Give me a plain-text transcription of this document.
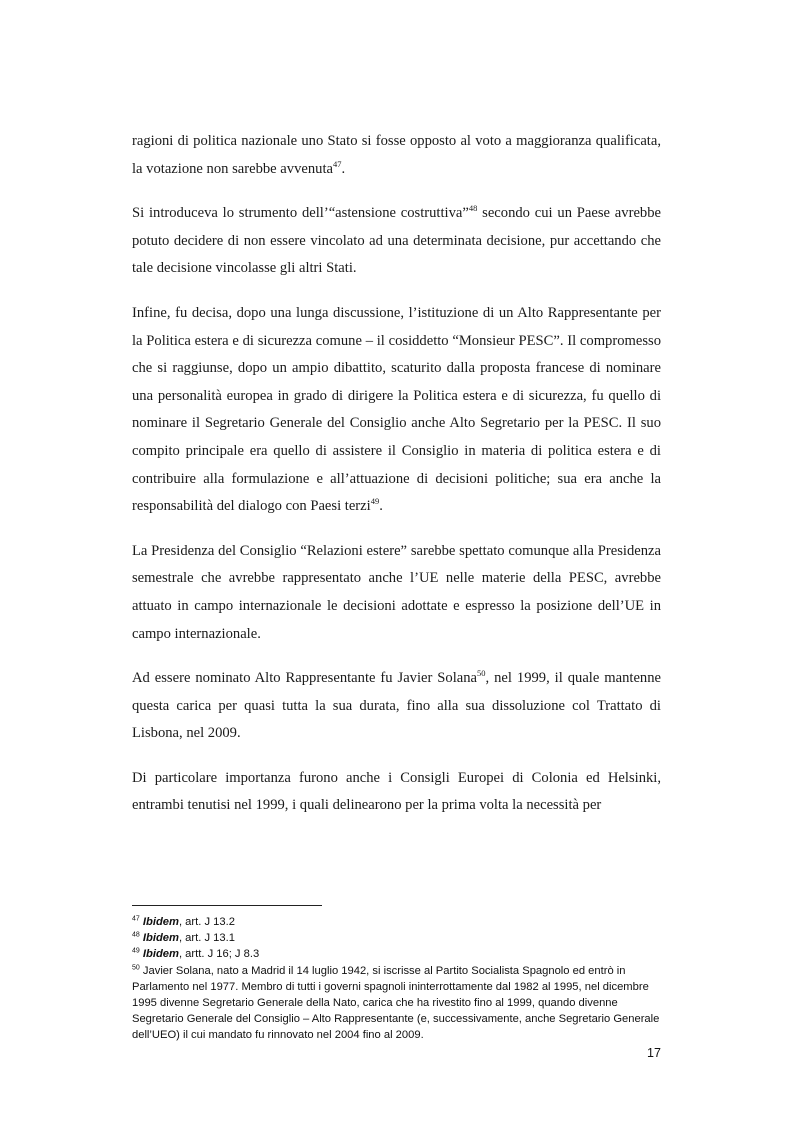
ragioni di politica nazionale uno Stato si fosse opposto al voto a maggioranza qualificata, la votazione non sarebbe avvenuta$^{47}$.

Si introduceva lo strumento dell’“astensione costruttiva”$^{48}$ secondo cui un Paese avrebbe potuto decidere di non essere vincolato ad una determinata decisione, pur accettando che tale decisione vincolasse gli altri Stati.

Infine, fu decisa, dopo una lunga discussione, l’istituzione di un Alto Rappresentante per la Politica estera e di sicurezza comune – il cosiddetto “Monsieur PESC”. Il compromesso che si raggiunse, dopo un ampio dibattito, scaturito dalla proposta francese di nominare una personalità europea in grado di dirigere la Politica estera e di sicurezza, fu quello di nominare il Segretario Generale del Consiglio anche Alto Segretario per la PESC. Il suo compito principale era quello di assistere il Consiglio in materia di politica estera e di contribuire alla formulazione e all’attuazione di decisioni politiche; sua era anche la responsabilità del dialogo con Paesi terzi$^{49}$.

La Presidenza del Consiglio “Relazioni estere” sarebbe spettato comunque alla Presidenza semestrale che avrebbe rappresentato anche l’UE nelle materie della PESC, avrebbe attuato in campo internazionale le decisioni adottate e espresso la posizione dell’UE in campo internazionale.

Ad essere nominato Alto Rappresentante fu Javier Solana$^{50}$, nel 1999, il quale mantenne questa carica per quasi tutta la sua durata, fino alla sua dissoluzione col Trattato di Lisbona, nel 2009.

Di particolare importanza furono anche i Consigli Europei di Colonia ed Helsinki, entrambi tenutisi nel 1999, i quali delinearono per la prima volta la necessità per

$^{47}$ Ibidem, art. J 13.2

$^{48}$ Ibidem, art. J 13.1

$^{49}$ Ibidem, artt. J 16; J 8.3

$^{50}$ Javier Solana, nato a Madrid il 14 luglio 1942, si iscrisse al Partito Socialista Spagnolo ed entrò in Parlamento nel 1977. Membro di tutti i governi spagnoli ininterrottamente dal 1982 al 1995, nel dicembre 1995 divenne Segretario Generale della Nato, carica che ha rivestito fino al 1999, quando divenne Segretario Generale del Consiglio – Alto Rappresentante (e, successivamente, anche Segretario Generale dell’UEO) il cui mandato fu rinnovato nel 2004 fino al 2009.

17
